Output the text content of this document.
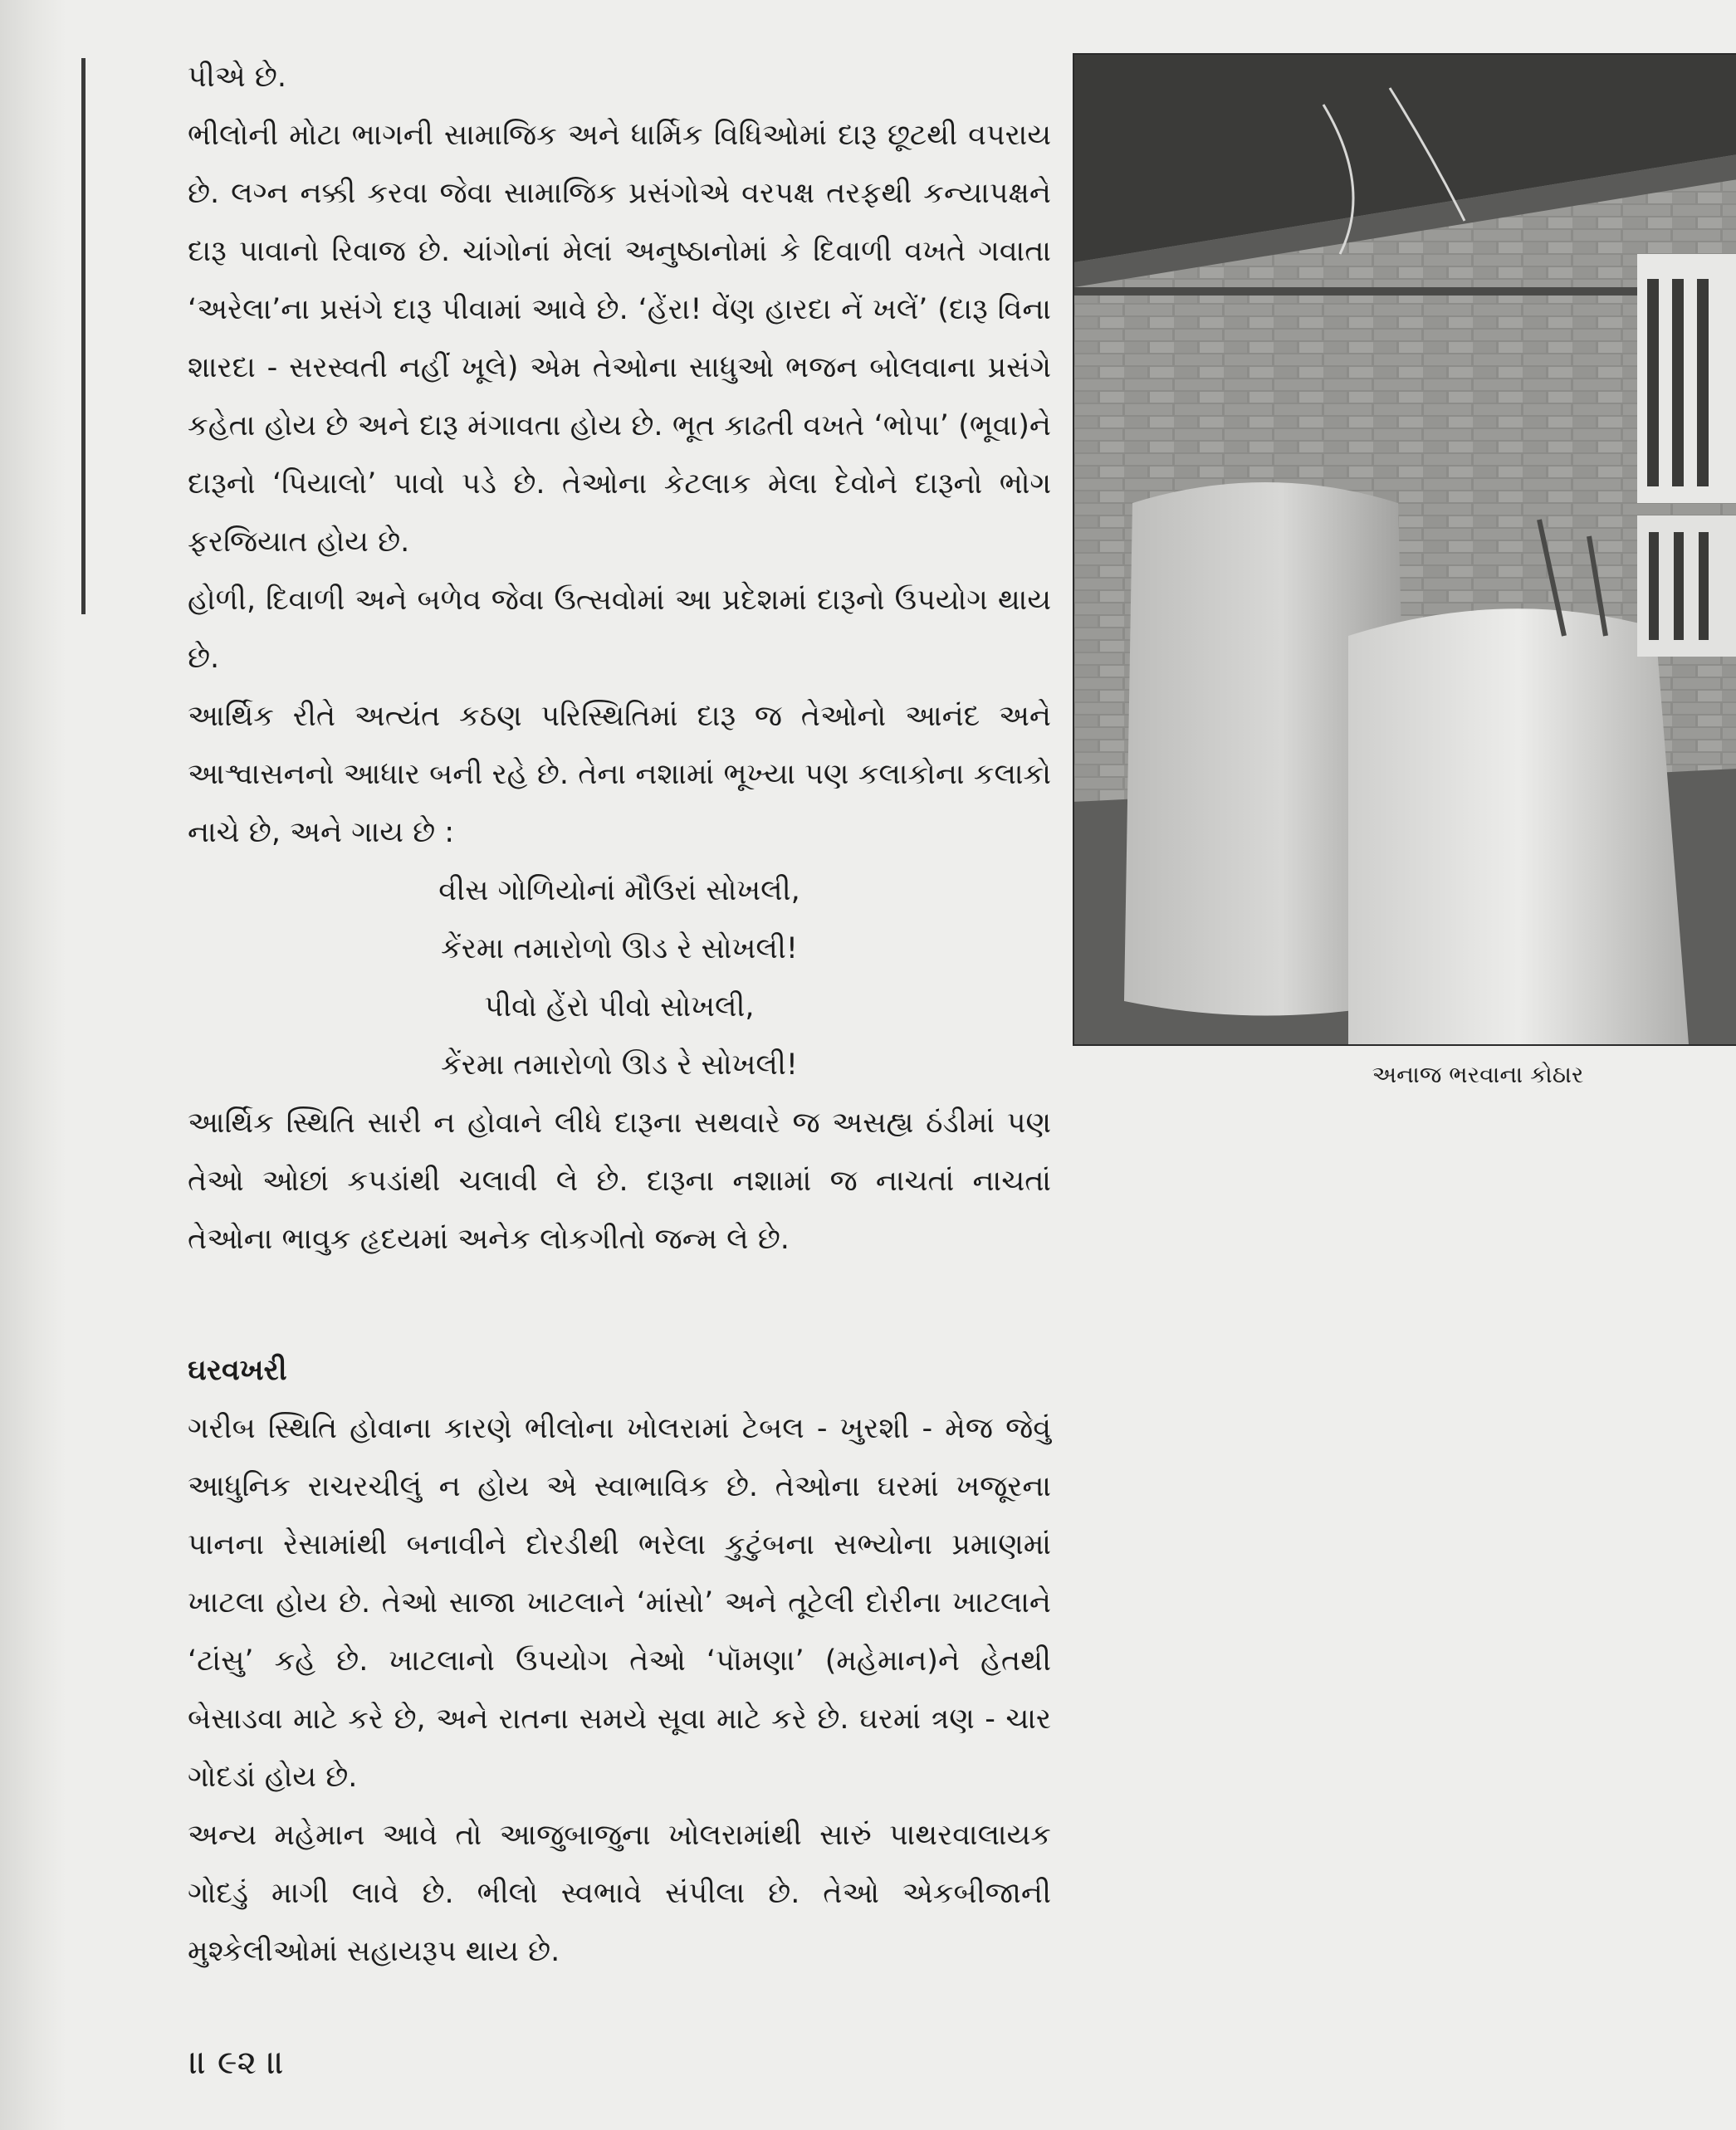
પીએ છે.

ભીલોની મોટા ભાગની સામાજિક અને ધાર્મિક વિધિઓમાં દારૂ છૂટથી વપરાય છે. લગ્ન નક્કી કરવા જેવા સામાજિક પ્રસંગોએ વરપક્ષ તરફથી કન્યાપક્ષને દારૂ પાવાનો રિવાજ છે. ચાંગોનાં મેલાં અનુષ્ઠાનોમાં કે દિવાળી વખતે ગવાતા ‘અરેલા’ના પ્રસંગે દારૂ પીવામાં આવે છે. ‘હેંરા! વેંણ હારદા નેં ખલેં’ (દારૂ વિના શારદા - સરસ્વતી નહીં ખૂલે) એમ તેઓના સાધુઓ ભજન બોલવાના પ્રસંગે કહેતા હોય છે અને દારૂ મંગાવતા હોય છે. ભૂત કાઢતી વખતે ‘ભોપા’ (ભૂવા)ને દારૂનો ‘પિયાલો’ પાવો પડે છે. તેઓના કેટલાક મેલા દેવોને દારૂનો ભોગ ફરજિયાત હોય છે.

હોળી, દિવાળી અને બળેવ જેવા ઉત્સવોમાં આ પ્રદેશમાં દારૂનો ઉપયોગ થાય છે.

આર્થિક રીતે અત્યંત કઠણ પરિસ્થિતિમાં દારૂ જ તેઓનો આનંદ અને આશ્વાસનનો આધાર બની રહે છે. તેના નશામાં ભૂખ્યા પણ કલાકોના કલાકો નાચે છે, અને ગાય છે :

વીસ ગોળિયોનાં મૌઉરાં સોખલી,
કેંરમા તમારોળો ઊડ રે સોખલી!
પીવો હેંરો પીવો સોખલી,
કેંરમા તમારોળો ઊડ રે સોખલી!

આર્થિક સ્થિતિ સારી ન હોવાને લીધે દારૂના સથવારે જ અસહ્ય ઠંડીમાં પણ તેઓ ઓછાં કપડાંથી ચલાવી લે છે. દારૂના નશામાં જ નાચતાં નાચતાં તેઓના ભાવુક હૃદયમાં અનેક લોકગીતો જન્મ લે છે.

ઘરવખરી

ગરીબ સ્થિતિ હોવાના કારણે ભીલોના ખોલરામાં ટેબલ - ખુરશી - મેજ જેવું આધુનિક રાચરચીલું ન હોય એ સ્વાભાવિક છે. તેઓના ઘરમાં ખજૂરના પાનના રેસામાંથી બનાવીને દોરડીથી ભરેલા કુટુંબના સભ્યોના પ્રમાણમાં ખાટલા હોય છે. તેઓ સાજા ખાટલાને ‘માંસો’ અને તૂટેલી દોરીના ખાટલાને ‘ટાંસુ’ કહે છે. ખાટલાનો ઉપયોગ તેઓ ‘પૉમણા’ (મહેમાન)ને હેતથી બેસાડવા માટે કરે છે, અને રાતના સમયે સૂવા માટે કરે છે. ઘરમાં ત્રણ - ચાર ગોદડાં હોય છે.

અન્ય મહેમાન આવે તો આજુબાજુના ખોલરામાંથી સારું પાથરવાલાયક ગોદડું માગી લાવે છે. ભીલો સ્વભાવે સંપીલા છે. તેઓ એકબીજાની મુશ્કેલીઓમાં સહાયરૂપ થાય છે.

અનાજ ભરવાના કોઠાર
॥ ૯૨ ॥
